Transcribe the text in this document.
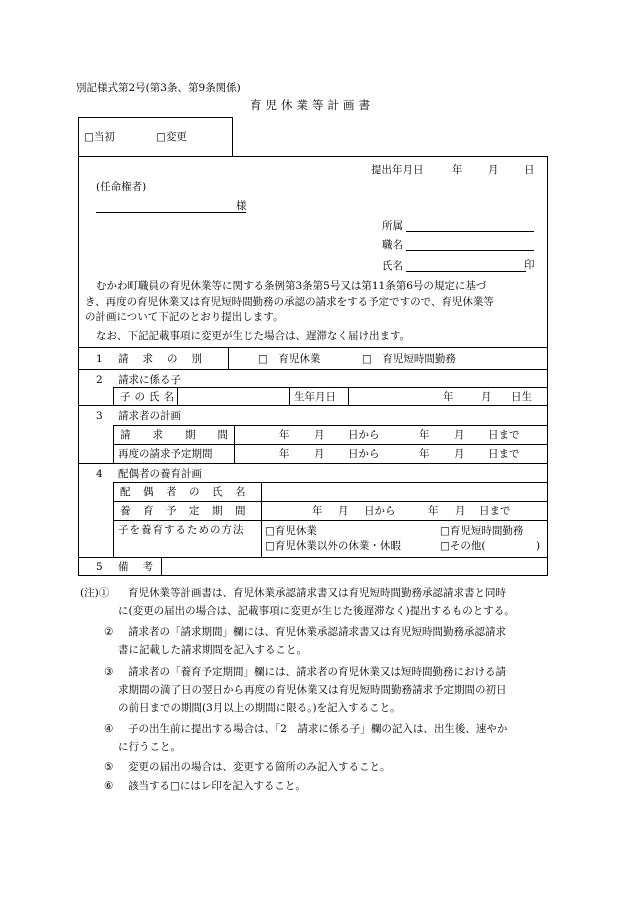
別記様式第2号(第3条、第9条関係)
育児休業等計画書
□当初	□変更
提出年月日	年 月 日
(任命権者)
様
所属
職名
氏名	印
むかわ町職員の育児休業等に関する条例第3条第5号又は第11条第6号の規定に基づ
き、再度の育児休業又は育児短時間勤務の承認の請求をする予定ですので、育児休業等
の計画について下記のとおり提出します。
なお、下記記載事項に変更が生じた場合は、遅滞なく届け出ます。
1 請求の別	□　育児休業	□　育児短時間勤務
2 請求に係る子
子の氏名	生年月日	年	月 日生
3 請求者の計画
請求期間	年 月 日から	年 月 日まで
再度の請求予定期間	年 月 日から	年 月 日まで
4 配偶者の養育計画
配偶者の氏名
養育予定期間	年 月 日から	年 月 日まで
子を養育するための方法 □育児休業	□育児短時間勤務
□育児休業以外の休業・休暇	□その他(	)
5 備考
(注)① 育児休業等計画書は、育児休業承認請求書又は育児短時間勤務承認請求書と同時
に(変更の届出の場合は、記載事項に変更が生じた後遅滞なく)提出するものとする。
② 請求者の「請求期間」欄には、育児休業承認請求書又は育児短時間勤務承認請求
書に記載した請求期間を記入すること。
③ 請求者の「養育予定期間」欄には、請求者の育児休業又は短時間勤務における請
求期間の満了日の翌日から再度の育児休業又は育児短時間勤務請求予定期間の初日
の前日までの期間(3月以上の期間に限る。)を記入すること。
④ 子の出生前に提出する場合は、「2　請求に係る子」欄の記入は、出生後、速やか
に行うこと。
⑤ 変更の届出の場合は、変更する箇所のみ記入すること。
⑥ 該当する□にはレ印を記入すること。
